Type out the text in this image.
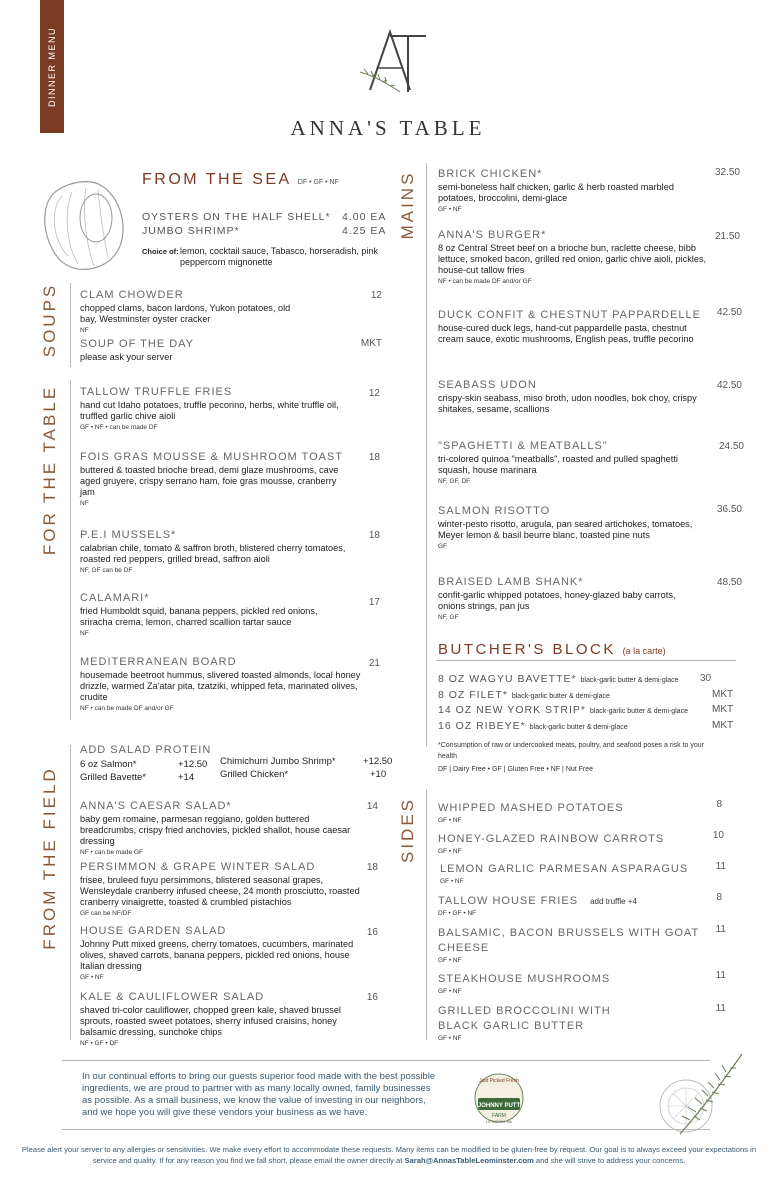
DINNER MENU
ANNA'S TABLE
FROM THE SEA DF • GF • NF
OYSTERS ON THE HALF SHELL* 4.00 EA
JUMBO SHRIMP*	4.25 EA
Choice of: lemon, cocktail sauce, Tabasco, horseradish, pink peppercorn mignonette
SOUPS
FOR THE TABLE
FROM THE FIELD
MAINS
SIDES
CLAM CHOWDER
chopped clams, bacon lardons, Yukon potatoes, old bay, Westminster oyster cracker
NF
12
SOUP OF THE DAY
please ask your server
MKT
TALLOW TRUFFLE FRIES
hand cut Idaho potatoes, truffle pecorino, herbs, white truffle oil, truffled garlic chive aioli
GF • NF • can be made DF
12
FOIS GRAS MOUSSE & MUSHROOM TOAST
buttered & toasted brioche bread, demi glaze mushrooms, cave aged gruyere, crispy serrano ham, foie gras mousse, cranberry jam
NF
18
P.E.I MUSSELS*
calabrian chile, tomato & saffron broth, blistered cherry tomatoes, roasted red peppers, grilled bread, saffron aioli
NF, GF can be DF
18
CALAMARI*
fried Humboldt squid, banana peppers, pickled red onions, sriracha crema, lemon, charred scallion tartar sauce
NF
17
MEDITERRANEAN BOARD
housemade beetroot hummus, slivered toasted almonds, local honey drizzle, warmed Za'atar pita, tzatziki, whipped feta, marinated olives, crudite
NF • can be made DF and/or GF
21
ADD SALAD PROTEIN
6 oz Salmon*	+12.50
Grilled Bavette*	+14
Chimichurri Jumbo Shrimp*	+12.50
Grilled Chicken*	+10
ANNA'S CAESAR SALAD*
baby gem romaine, parmesan reggiano, golden buttered breadcrumbs, crispy fried anchovies, pickled shallot, house caesar dressing
NF • can be made GF
14
PERSIMMON & GRAPE WINTER SALAD
frisee, bruleed fuyu persimmons, blistered seasonal grapes, Wensleydale cranberry infused cheese, 24 month prosciutto, roasted cranberry vinaigrette, toasted & crumbled pistachios
GF can be NF/DF
18
HOUSE GARDEN SALAD
Johnny Putt mixed greens, cherry tomatoes, cucumbers, marinated olives, shaved carrots, banana peppers, pickled red onions, house Italian dressing
GF • NF
16
KALE & CAULIFLOWER SALAD
shaved tri-color cauliflower, chopped green kale, shaved brussel sprouts, roasted sweet potatoes, sherry infused craisins, honey balsamic dressing, sunchoke chips
NF • GF • DF
16
BRICK CHICKEN*
semi-boneless half chicken, garlic & herb roasted marbled potatoes, broccolini, demi-glace
GF • NF
32.50
ANNA'S BURGER*
8 oz Central Street beef on a brioche bun, raclette cheese, bibb lettuce, smoked bacon, grilled red onion, garlic chive aioli, pickles, house-cut tallow fries
NF • can be made DF and/or GF
21.50
DUCK CONFIT & CHESTNUT PAPPARDELLE
house-cured duck legs, hand-cut pappardelle pasta, chestnut cream sauce, exotic mushrooms, English peas, truffle pecorino
42.50
SEABASS UDON
crispy-skin seabass, miso broth, udon noodles, bok choy, crispy shitakes, sesame, scallions
42.50
"SPAGHETTI & MEATBALLS"
tri-colored quinoa "meatballs", roasted and pulled spaghetti squash, house marinara
NF, GF, DF
24.50
SALMON RISOTTO
winter-pesto risotto, arugula, pan seared artichokes, tomatoes, Meyer lemon & basil beurre blanc, toasted pine nuts
GF
36.50
BRAISED LAMB SHANK*
confit-garlic whipped potatoes, honey-glazed baby carrots, onions strings, pan jus
NF, GF
48.50
BUTCHER'S BLOCK (a la carte)
8 OZ WAGYU BAVETTE* black-garlic butter & demi-glace 30
8 OZ FILET* black-garlic butter & demi-glace	MKT
14 OZ NEW YORK STRIP* black-garlic butter & demi-glace MKT
16 OZ RIBEYE* black-garlic butter & demi-glace	MKT
*Consumption of raw or undercooked meats, poultry, and seafood poses a risk to your health
DF | Dairy Free • GF | Gluten Free • NF | Nut Free
WHIPPED MASHED POTATOES
GF • NF
8
HONEY-GLAZED RAINBOW CARROTS
GF • NF
10
LEMON GARLIC PARMESAN ASPARAGUS
GF • NF
11
TALLOW HOUSE FRIES add truffle +4
DF • GF • NF
8
BALSAMIC, BACON BRUSSELS WITH GOAT CHEESE
GF • NF
11
STEAKHOUSE MUSHROOMS
GF • NF
11
GRILLED BROCCOLINI WITH BLACK GARLIC BUTTER
GF • NF
11
In our continual efforts to bring our guests superior food made with the best possible ingredients, we are proud to partner with as many locally owned, family businesses as possible. As a small business, we know the value of investing in our neighbors, and we hope you will give these vendors your business as we have.
Just Picked Fresh
JOHNNY PUTT
FARM
LITTLETON, MA
Please alert your server to any allergies or sensitivities. We make every effort to accommodate these requests. Many items can be modified to be gluten-free by request. Our goal is to always exceed your expectations in service and quality. If for any reason you find we fall short, please email the owner directly at Sarah@AnnasTableLeominster.com and she will strive to address your concerns.
